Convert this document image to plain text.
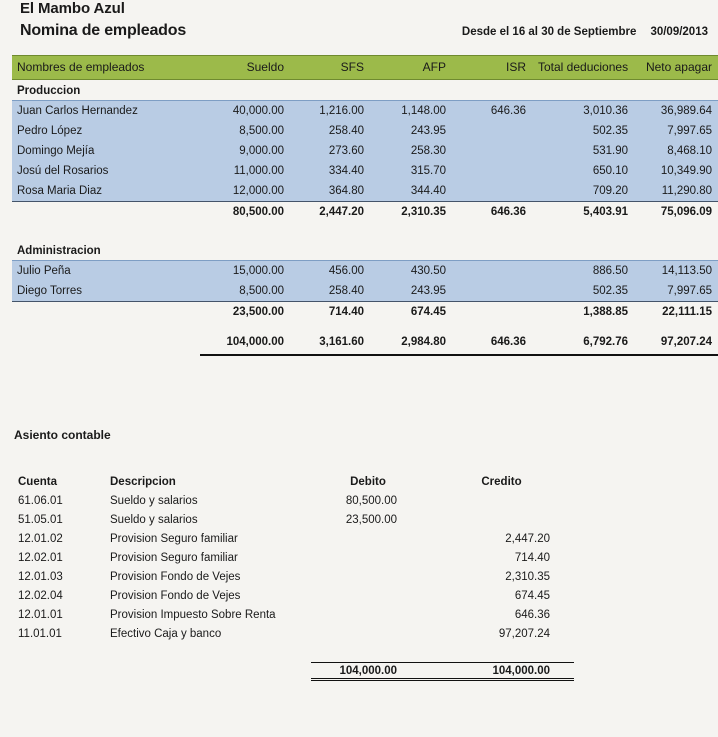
El Mambo Azul
Nomina de empleados	Desde el 16 al 30 de Septiembre 30/09/2013
Nombres de empleados	Sueldo	SFS	AFP	ISR	Total deduciones	Neto apagar
Produccion						
Juan Carlos Hernandez	40,000.00	1,216.00	1,148.00	646.36	3,010.36	36,989.64
Pedro López	8,500.00	258.40	243.95		502.35	7,997.65
Domingo Mejía	9,000.00	273.60	258.30		531.90	8,468.10
Josú del Rosarios	11,000.00	334.40	315.70		650.10	10,349.90
Rosa Maria Diaz	12,000.00	364.80	344.40		709.20	11,290.80
	80,500.00	2,447.20	2,310.35	646.36	5,403.91	75,096.09

Administracion						
Julio Peña	15,000.00	456.00	430.50		886.50	14,113.50
Diego Torres	8,500.00	258.40	243.95		502.35	7,997.65
	23,500.00	714.40	674.45		1,388.85	22,111.15

	104,000.00	3,161.60	2,984.80	646.36	6,792.76	97,207.24
Asiento contable
Cuenta	Descripcion	Debito	Credito
61.06.01	Sueldo y salarios	80,500.00	
51.05.01	Sueldo y salarios	23,500.00	
12.01.02	Provision Seguro familiar		2,447.20
12.02.01	Provision Seguro familiar		714.40
12.01.03	Provision Fondo de Vejes		2,310.35
12.02.04	Provision Fondo de Vejes		674.45
12.01.01	Provision Impuesto Sobre Renta		646.36
11.01.01	Efectivo Caja y banco		97,207.24

		104,000.00	104,000.00
